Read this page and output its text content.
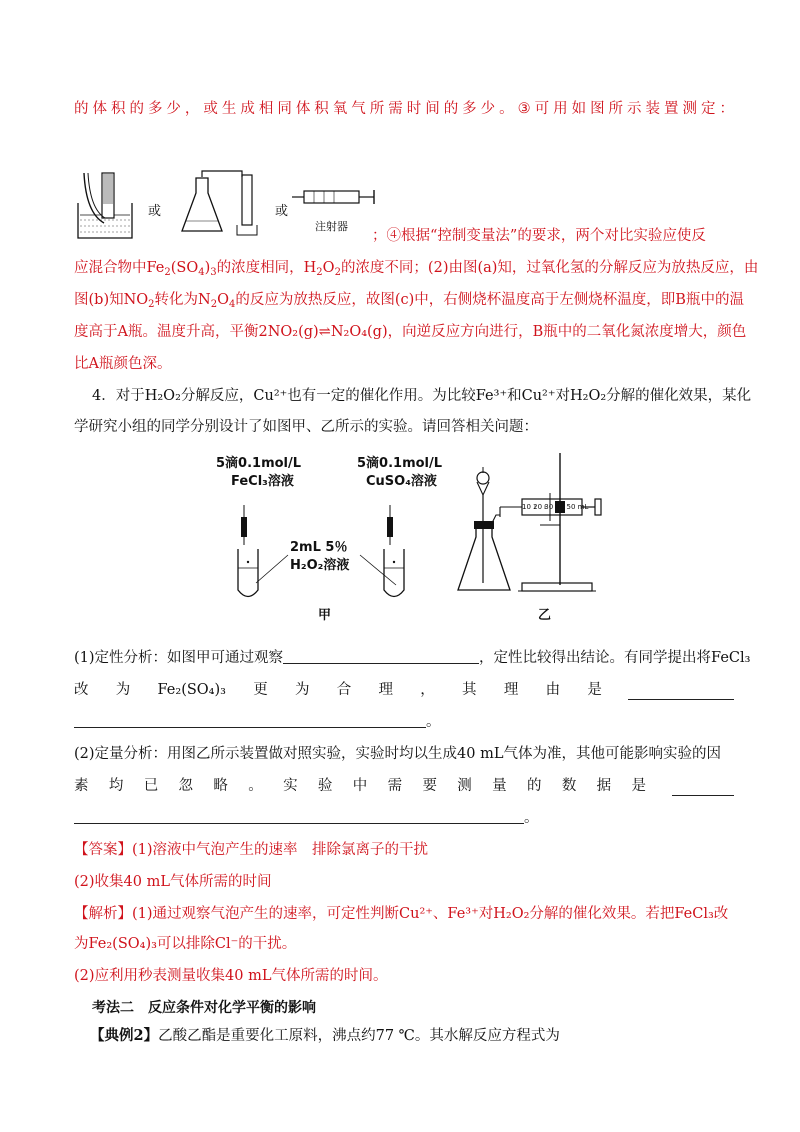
的 体 积 的 多 少 ， 或 生 成 相 同 体 积 氧 气 所 需 时 间 的 多 少 。 ③ 可 用 如 图 所 示 装 置 测 定 ：
或	或
注射器
；④根据“控制变量法”的要求，两个对比实验应使反
应混合物中$Fe_2(SO_4)_3$的浓度相同，$H_2O_2$的浓度不同；(2)由图(a)知，过氧化氢的分解反应为放热反应，由
图(b)知$NO_2$转化为$N_2O_4$的反应为放热反应，故图(c)中，右侧烧杯温度高于左侧烧杯温度，即B瓶中的温
度高于A瓶。温度升高，平衡2NO₂(g)⇌N₂O₄(g)，向逆反应方向进行，B瓶中的二氧化氮浓度增大，颜色
比A瓶颜色深。
4．对于H₂O₂分解反应，Cu²⁺也有一定的催化作用。为比较Fe³⁺和Cu²⁺对H₂O₂分解的催化效果，某化
学研究小组的同学分别设计了如图甲、乙所示的实验。请回答相关问题：
5滴0.1mol/L
FeCl₃溶液
5滴0.1mol/L
CuSO₄溶液
2mL 5％
H₂O₂溶液
甲	乙
10 20 30 40 50 mL
(1)定性分析：如图甲可通过观察	，定性比较得出结论。有同学提出将FeCl₃
改 为 Fe₂(SO₄)₃ 更 为 合 理 ， 其 理 由 是
。
(2)定量分析：用图乙所示装置做对照实验，实验时均以生成40 mL气体为准，其他可能影响实验的因
素 均 已 忽 略 。 实 验 中 需 要 测 量 的 数 据 是
。
【答案】(1)溶液中气泡产生的速率　排除氯离子的干扰
(2)收集40 mL气体所需的时间
【解析】(1)通过观察气泡产生的速率，可定性判断Cu²⁺、Fe³⁺对H₂O₂分解的催化效果。若把FeCl₃改
为Fe₂(SO₄)₃可以排除Cl⁻的干扰。
(2)应利用秒表测量收集40 mL气体所需的时间。
考法二　反应条件对化学平衡的影响
【典例2】乙酸乙酯是重要化工原料，沸点约77 ℃。其水解反应方程式为
